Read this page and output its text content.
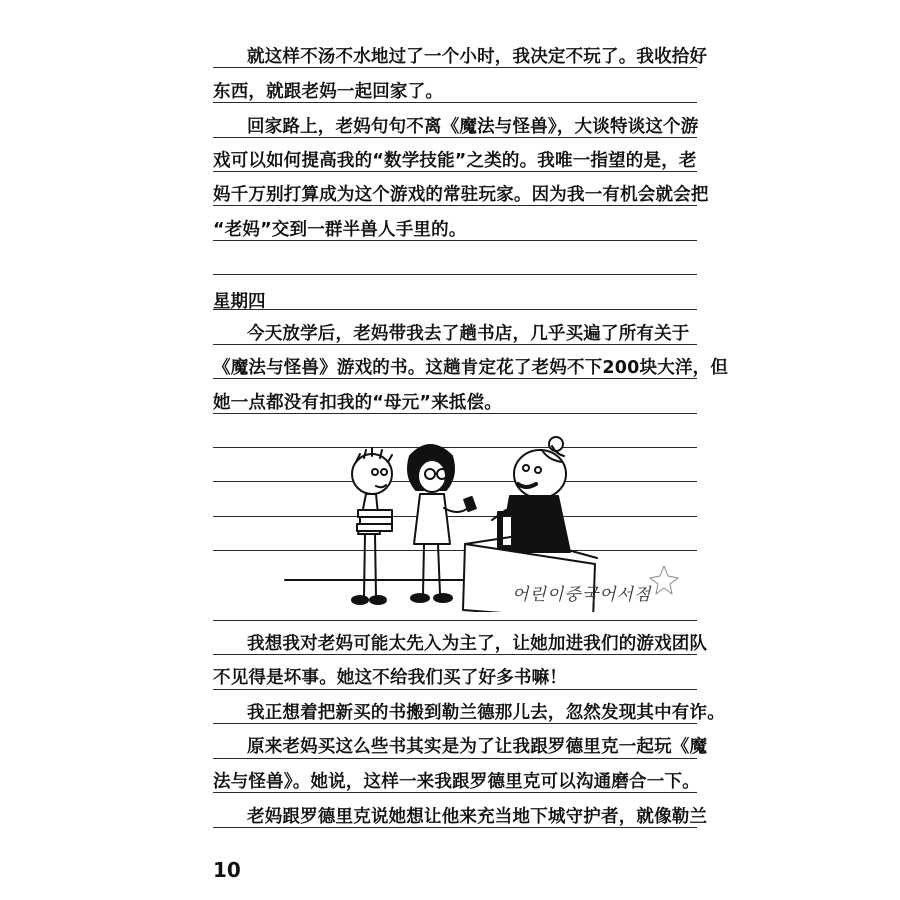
就这样不汤不水地过了一个小时，我决定不玩了。我收拾好
东西，就跟老妈一起回家了。
回家路上，老妈句句不离《魔法与怪兽》，大谈特谈这个游
戏可以如何提高我的“数学技能”之类的。我唯一指望的是，老
妈千万别打算成为这个游戏的常驻玩家。因为我一有机会就会把
“老妈”交到一群半兽人手里的。
星期四
今天放学后，老妈带我去了趟书店，几乎买遍了所有关于
《魔法与怪兽》游戏的书。这趟肯定花了老妈不下200块大洋，但
她一点都没有扣我的“母元”来抵偿。
어린이중국어서점
我想我对老妈可能太先入为主了，让她加进我们的游戏团队
不见得是坏事。她这不给我们买了好多书嘛！
我正想着把新买的书搬到勒兰德那儿去，忽然发现其中有诈。
原来老妈买这么些书其实是为了让我跟罗德里克一起玩《魔
法与怪兽》。她说，这样一来我跟罗德里克可以沟通磨合一下。
老妈跟罗德里克说她想让他来充当地下城守护者，就像勒兰
10
